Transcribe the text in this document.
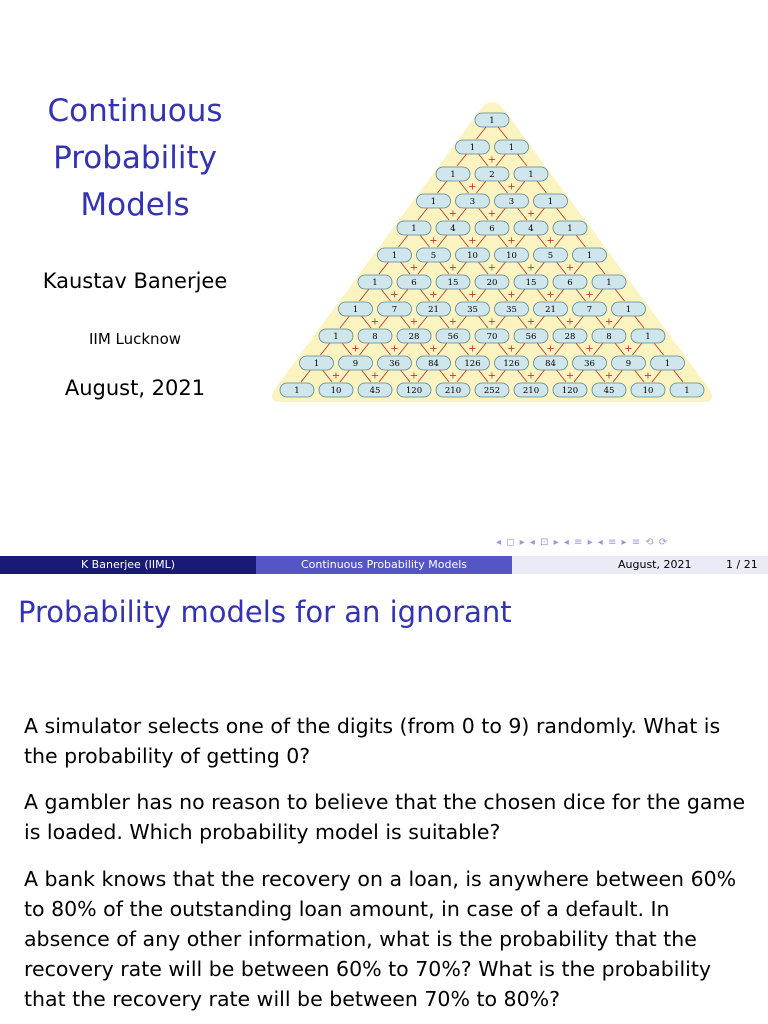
Continuous
Probability
Models
Kaustav Banerjee
IIM Lucknow
August, 2021
+
+	+
+	+	+
+	+	+	+
+	+	+	+	+
+	+	+	+	+	+
+	+	+	+	+	+	+
+	+	+	+	+	+	+	+
+	+	+	+	+	+	+	+	+
1
1	1
1	2	1
1	3	3	1
1	4	6	4	1
1	5	10	10	5	1
1	6	15	20	15	6	1
1	7	21	35	35	21	7	1
1	8	28	56	70	56	28	8	1
1	9	36	84	126	126	84	36	9	1
1	10	45	120	210	252	210	120	45	10	1
◂ ◻ ▸ ◂ ⊡ ▸ ◂ ≡ ▸ ◂ ≡ ▸ ≡ ⟲ ⟳
K Banerjee (IIML)	Continuous Probability Models	August, 2021	1 / 21
Probability models for an ignorant
A simulator selects one of the digits (from 0 to 9) randomly. What is the probability of getting 0?
A gambler has no reason to believe that the chosen dice for the game is loaded. Which probability model is suitable?
A bank knows that the recovery on a loan, is anywhere between 60% to 80% of the outstanding loan amount, in case of a default. In absence of any other information, what is the probability that the recovery rate will be between 60% to 70%? What is the probability that the recovery rate will be between 70% to 80%?
